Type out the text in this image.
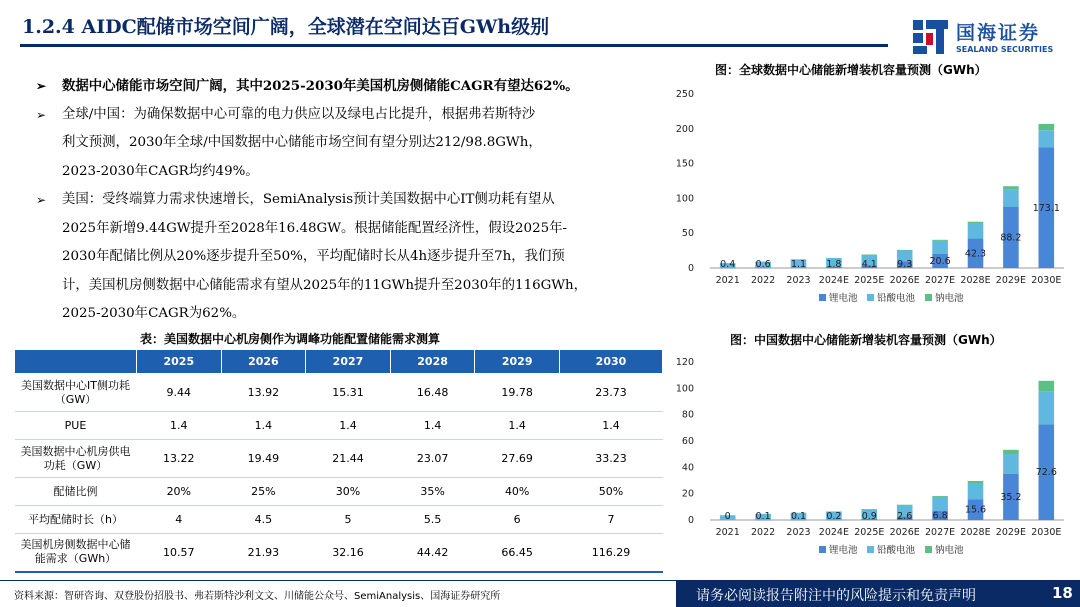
1.2.4 AIDC配储市场空间广阔，全球潜在空间达百GWh级别	国海证券
SEALAND SECURITIES
➢ 数据中心储能市场空间广阔，其中2025-2030年美国机房侧储能CAGR有望达62%。
➢ 全球/中国：为确保数据中心可靠的电力供应以及绿电占比提升，根据弗若斯特沙
利文预测，2030年全球/中国数据中心储能市场空间有望分别达212/98.8GWh，
2023-2030年CAGR均约49%。
➢ 美国：受终端算力需求快速增长，SemiAnalysis预计美国数据中心IT侧功耗有望从
2025年新增9.44GW提升至2028年16.48GW。根据储能配置经济性，假设2025年-
2030年配储比例从20%逐步提升至50%，平均配储时长从4h逐步提升至7h，我们预
计，美国机房侧数据中心储能需求有望从2025年的11GWh提升至2030年的116GWh，
2025-2030年CAGR为62%。
表：美国数据中心机房侧作为调峰功能配置储能需求测算
	2025	2026	2027	2028	2029	2030
美国数据中心IT侧功耗（GW）	9.44	13.92	15.31	16.48	19.78	23.73
PUE	1.4	1.4	1.4	1.4	1.4	1.4
美国数据中心机房供电功耗（GW）	13.22	19.49	21.44	23.07	27.69	33.23
配储比例	20%	25%	30%	35%	40%	50%
平均配储时长（h）	4	4.5	5	5.5	6	7
美国机房侧数据中心储能需求（GWh）	10.57	21.93	32.16	44.42	66.45	116.29
图：全球数据中心储能新增装机容量预测（GWh）
0
50
100
150
200
250
2021
0.4
2022
0.6
2023
1.1
2024E
1.8
2025E
4.1
2026E
9.3
2027E
20.6
2028E
42.3
2029E
88.2
2030E
173.1
锂电池 铅酸电池 钠电池
图：中国数据中心储能新增装机容量预测（GWh）
0
20
40
60
80
100
120
2021
0
2022
0.1
2023
0.1
2024E
0.2
2025E
0.9
2026E
2.6
2027E
6.8
2028E
15.6
2029E
35.2
2030E
72.6
锂电池 铅酸电池 钠电池
资料来源：智研咨询、双登股份招股书、弗若斯特沙利文文、川储能公众号、SemiAnalysis、国海证券研究所	请务必阅读报告附注中的风险提示和免责声明	18
